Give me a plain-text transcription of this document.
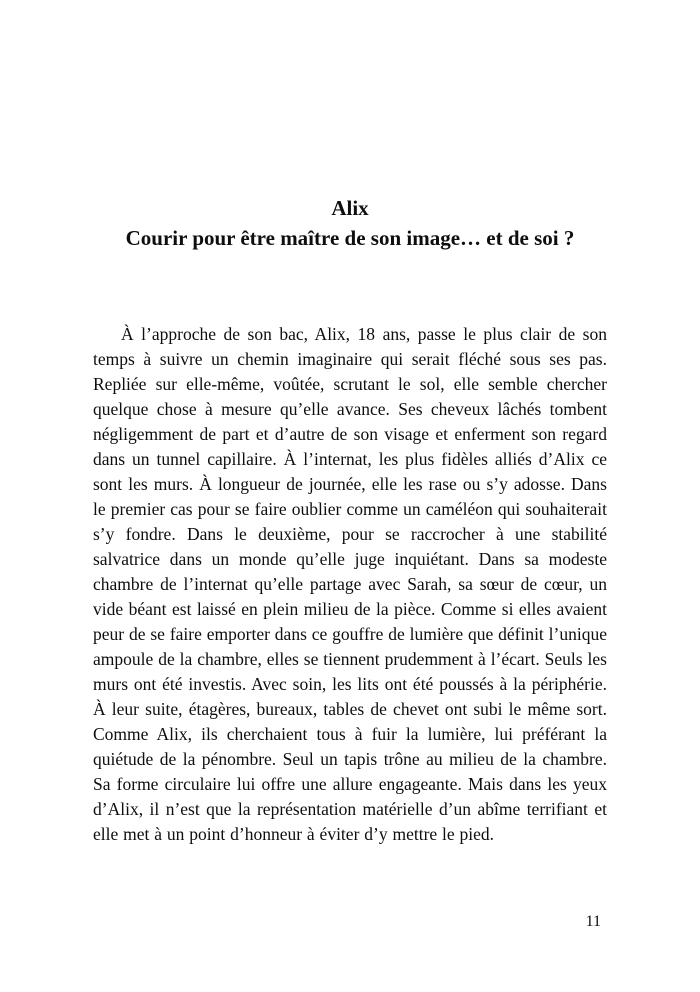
Alix
Courir pour être maître de son image… et de soi ?

À l’approche de son bac, Alix, 18 ans, passe le plus clair de son temps à suivre un chemin imaginaire qui serait fléché sous ses pas. Repliée sur elle-même, voûtée, scrutant le sol, elle semble chercher quelque chose à mesure qu’elle avance. Ses cheveux lâchés tombent négligemment de part et d’autre de son visage et enferment son regard dans un tunnel capillaire. À l’internat, les plus fidèles alliés d’Alix ce sont les murs. À longueur de journée, elle les rase ou s’y adosse. Dans le premier cas pour se faire oublier comme un caméléon qui souhaiterait s’y fondre. Dans le deuxième, pour se raccrocher à une stabilité salvatrice dans un monde qu’elle juge inquiétant. Dans sa modeste chambre de l’internat qu’elle partage avec Sarah, sa sœur de cœur, un vide béant est laissé en plein milieu de la pièce. Comme si elles avaient peur de se faire emporter dans ce gouffre de lumière que définit l’unique ampoule de la chambre, elles se tiennent prudemment à l’écart. Seuls les murs ont été investis. Avec soin, les lits ont été poussés à la périphérie. À leur suite, étagères, bureaux, tables de chevet ont subi le même sort. Comme Alix, ils cherchaient tous à fuir la lumière, lui préférant la quiétude de la pénombre. Seul un tapis trône au milieu de la chambre. Sa forme circulaire lui offre une allure engageante. Mais dans les yeux d’Alix, il n’est que la représentation matérielle d’un abîme terrifiant et elle met à un point d’honneur à éviter d’y mettre le pied.

11
